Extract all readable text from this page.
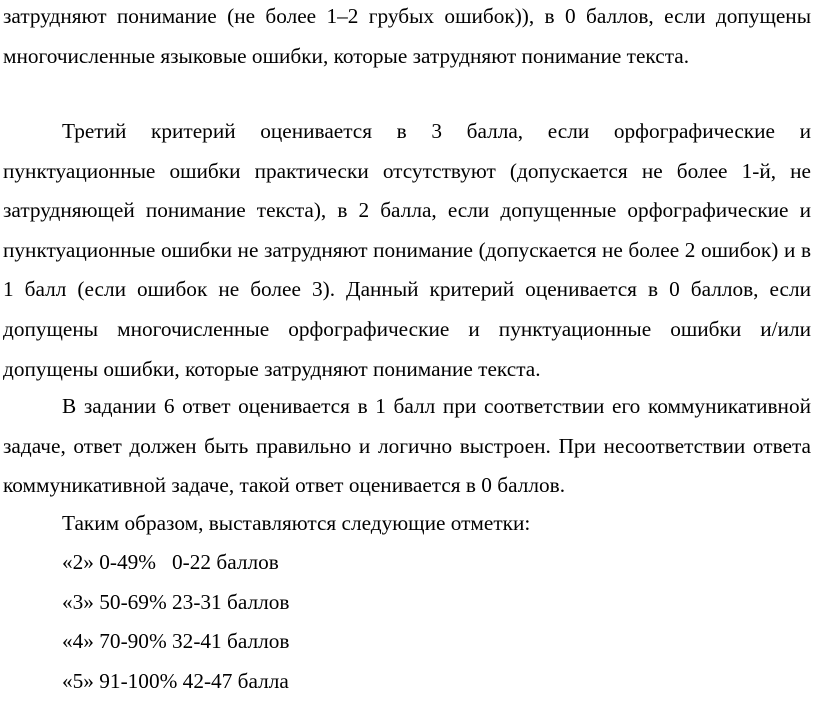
затрудняют понимание (не более 1–2 грубых ошибок)), в 0 баллов, если допущены многочисленные языковые ошибки, которые затрудняют понимание текста.

Третий критерий оценивается в 3 балла, если орфографические и пунктуационные ошибки практически отсутствуют (допускается не более 1-й, не затрудняющей понимание текста), в 2 балла, если допущенные орфографические и пунктуационные ошибки не затрудняют понимание (допускается не более 2 ошибок) и в 1 балл (если ошибок не более 3). Данный критерий оценивается в 0 баллов, если допущены многочисленные орфографические и пунктуационные ошибки и/или допущены ошибки, которые затрудняют понимание текста.

В задании 6 ответ оценивается в 1 балл при соответствии его коммуникативной задаче, ответ должен быть правильно и логично выстроен. При несоответствии ответа коммуникативной задаче, такой ответ оценивается в 0 баллов.

Таким образом, выставляются следующие отметки:

«2» 0-49%   0-22 баллов

«3» 50-69% 23-31 баллов

«4» 70-90% 32-41 баллов

«5» 91-100% 42-47 балла
